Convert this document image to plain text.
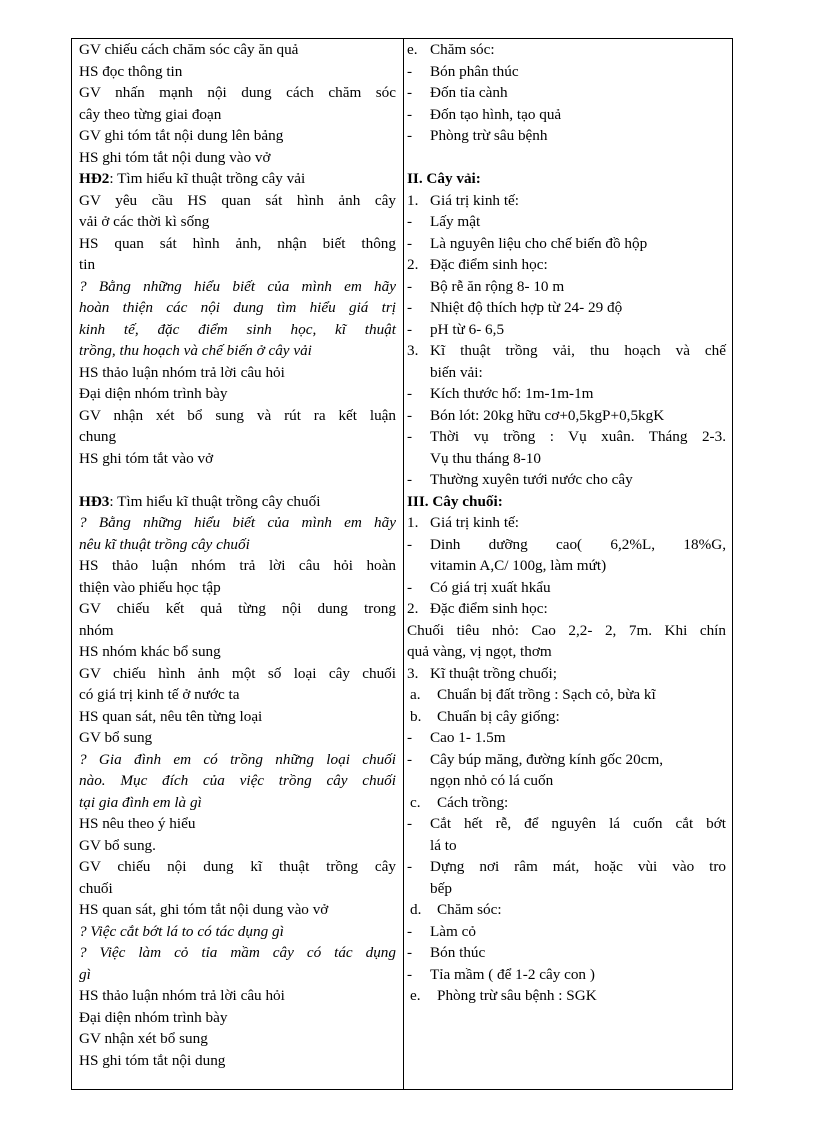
GV chiếu cách chăm sóc cây ăn quả
HS đọc thông tin
GV nhấn mạnh nội dung cách chăm sóc
cây theo từng giai đoạn
GV ghi tóm tắt nội dung lên bảng
HS ghi tóm tắt nội dung vào vở
HĐ2: Tìm hiểu kĩ thuật trồng cây vải
GV yêu cầu HS quan sát hình ảnh cây
vải ở các thời kì sống
HS quan sát hình ảnh, nhận biết thông
tin
? Bằng những hiểu biết của mình em hãy
hoàn thiện các nội dung tìm hiểu giá trị
kinh tế, đặc điểm sinh học, kĩ thuật
trồng, thu hoạch và chế biến ở cây vải
HS thảo luận nhóm trả lời câu hỏi
Đại diện nhóm trình bày
GV nhận xét bổ sung và rút ra kết luận
chung
HS ghi tóm tắt vào vở
HĐ3: Tìm hiểu kĩ thuật trồng cây chuối
? Bằng những hiểu biết của mình em hãy
nêu kĩ thuật trồng cây chuối
HS thảo luận nhóm trả lời câu hỏi hoàn
thiện vào phiếu học tập
GV chiếu kết quả từng nội dung trong
nhóm
HS nhóm khác bổ sung
GV chiếu hình ảnh một số loại cây chuối
có giá trị kinh tế ở nước ta
HS quan sát, nêu tên từng loại
GV bổ sung
? Gia đình em có trồng những loại chuối
nào. Mục đích của việc trồng cây chuối
tại gia đình em là gì
HS nêu theo ý hiểu
GV bổ sung.
GV chiếu nội dung kĩ thuật trồng cây
chuối
HS quan sát, ghi tóm tắt nội dung vào vở
? Việc cắt bớt lá to có tác dụng gì
? Việc làm cỏ tỉa mầm cây có tác dụng
gì
HS thảo luận nhóm trả lời câu hỏi
Đại diện nhóm trình bày
GV nhận xét bổ sung
HS ghi tóm tắt nội dung
e. Chăm sóc:
-	Bón phân thúc
-	Đốn tỉa cành
-	Đốn tạo hình, tạo quả
-	Phòng trừ sâu bệnh
II. Cây vải:
1. Giá trị kinh tế:
-	Lấy mật
-	Là nguyên liệu cho chế biến đồ hộp
2. Đặc điểm sinh học:
-	Bộ rễ ăn rộng 8- 10 m
-	Nhiệt độ thích hợp từ 24- 29 độ
-	pH từ 6- 6,5
3. Kĩ thuật trồng vải, thu hoạch và chế
biến vải:
-	Kích thước hố: 1m-1m-1m
-	Bón lót: 20kg hữu cơ+0,5kgP+0,5kgK
-	Thời vụ trồng : Vụ xuân. Tháng 2-3.
Vụ thu tháng 8-10
-	Thường xuyên tưới nước cho cây
III. Cây chuối:
1. Giá trị kinh tế:
-	Dinh dưỡng cao( 6,2%L, 18%G,
vitamin A,C/ 100g, làm mứt)
-	Có giá trị xuất hkẩu
2. Đặc điểm sinh học:
Chuối tiêu nhỏ: Cao 2,2- 2, 7m. Khi chín
quả vàng, vị ngọt, thơm
3. Kĩ thuật trồng chuối;
a.	Chuẩn bị đất trồng : Sạch cỏ, bừa kĩ
b.	Chuẩn bị cây giống:
-	Cao 1- 1.5m
-	Cây búp măng, đường kính gốc 20cm,
ngọn nhỏ có lá cuốn
c.	Cách trồng:
-	Cắt hết rễ, để nguyên lá cuốn cắt bớt
lá to
-	Dựng nơi râm mát, hoặc vùi vào tro
bếp
d.	Chăm sóc:
-	Làm cỏ
-	Bón thúc
-	Tỉa mầm ( để 1-2 cây con )
e.	Phòng trừ sâu bệnh : SGK
